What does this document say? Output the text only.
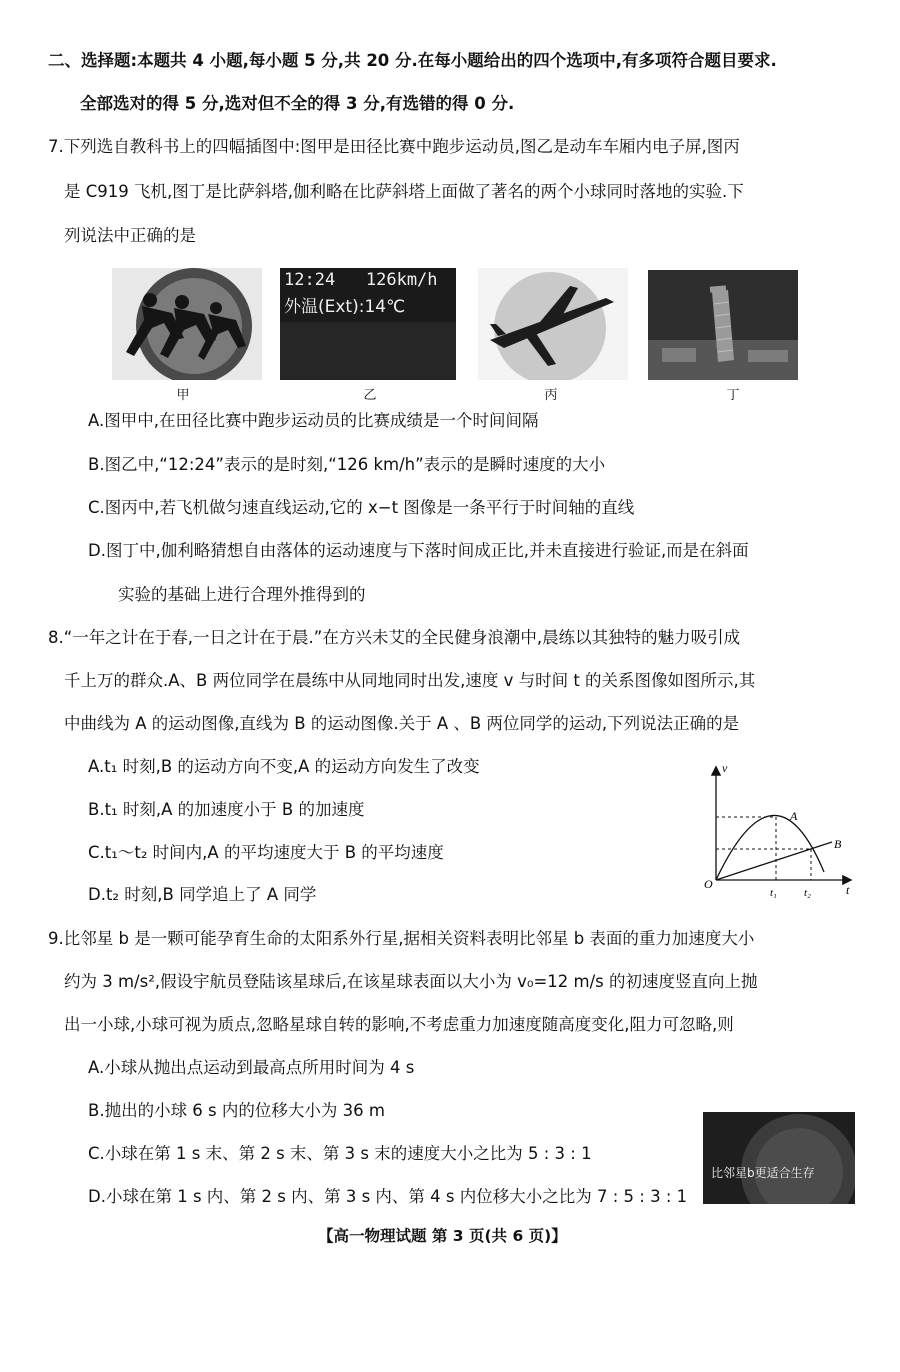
二、选择题:本题共 4 小题,每小题 5 分,共 20 分.在每小题给出的四个选项中,有多项符合题目要求.
全部选对的得 5 分,选对但不全的得 3 分,有选错的得 0 分.
7.下列选自教科书上的四幅插图中:图甲是田径比赛中跑步运动员,图乙是动车车厢内电子屏,图丙
是 C919 飞机,图丁是比萨斜塔,伽利略在比萨斜塔上面做了著名的两个小球同时落地的实验.下
列说法中正确的是
甲
12:24   126km/h
外温(Ext):14℃
乙	丙	丁
A.图甲中,在田径比赛中跑步运动员的比赛成绩是一个时间间隔
B.图乙中,“12:24”表示的是时刻,“126 km/h”表示的是瞬时速度的大小
C.图丙中,若飞机做匀速直线运动,它的 x−t 图像是一条平行于时间轴的直线
D.图丁中,伽利略猜想自由落体的运动速度与下落时间成正比,并未直接进行验证,而是在斜面
实验的基础上进行合理外推得到的
8.“一年之计在于春,一日之计在于晨.”在方兴未艾的全民健身浪潮中,晨练以其独特的魅力吸引成
千上万的群众.A、B 两位同学在晨练中从同地同时出发,速度 v 与时间 t 的关系图像如图所示,其
中曲线为 A 的运动图像,直线为 B 的运动图像.关于 A 、B 两位同学的运动,下列说法正确的是
A.t₁ 时刻,B 的运动方向不变,A 的运动方向发生了改变
B.t₁ 时刻,A 的加速度小于 B 的加速度
C.t₁～t₂ 时间内,A 的平均速度大于 B 的平均速度
D.t₂ 时刻,B 同学追上了 A 同学
v
t
O
A
B
t₁ t₂
9.比邻星 b 是一颗可能孕育生命的太阳系外行星,据相关资料表明比邻星 b 表面的重力加速度大小
约为 3 m/s²,假设宇航员登陆该星球后,在该星球表面以大小为 v₀=12 m/s 的初速度竖直向上抛
出一小球,小球可视为质点,忽略星球自转的影响,不考虑重力加速度随高度变化,阻力可忽略,则
A.小球从抛出点运动到最高点所用时间为 4 s
B.抛出的小球 6 s 内的位移大小为 36 m
C.小球在第 1 s 末、第 2 s 末、第 3 s 末的速度大小之比为 5 : 3 : 1
D.小球在第 1 s 内、第 2 s 内、第 3 s 内、第 4 s 内位移大小之比为 7 : 5 : 3 : 1
比邻星b更适合生存
【高一物理试题 第 3 页(共 6 页)】
